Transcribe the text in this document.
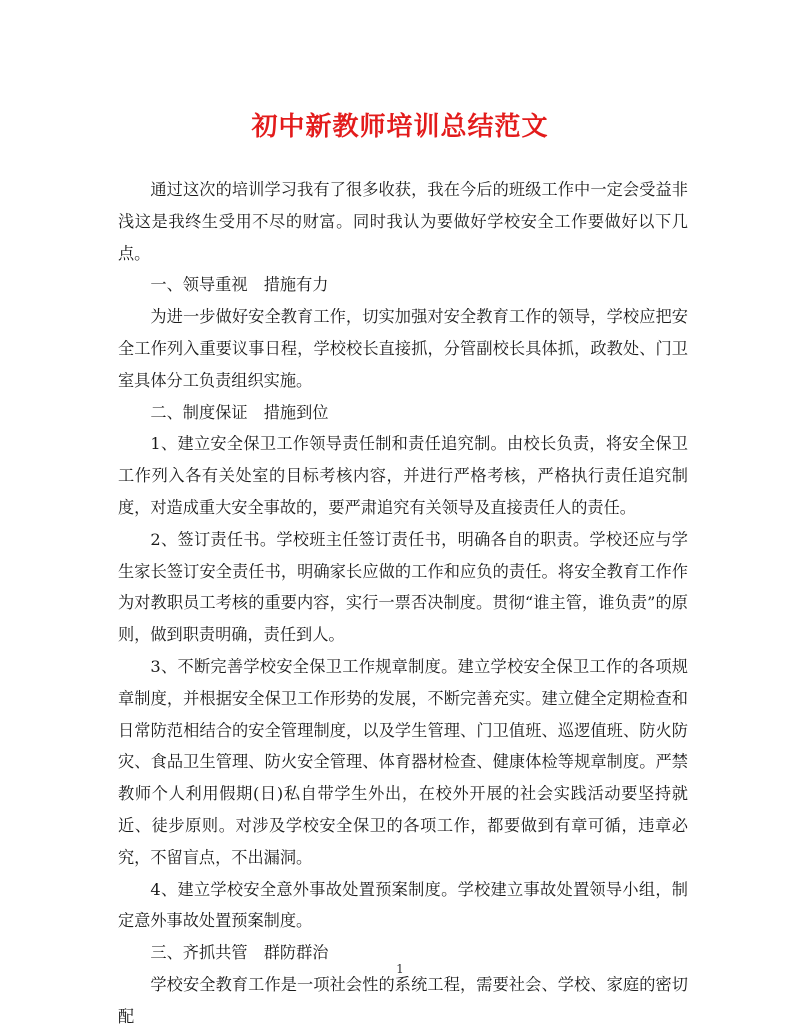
初中新教师培训总结范文

通过这次的培训学习我有了很多收获，我在今后的班级工作中一定会受益非浅这是我终生受用不尽的财富。同时我认为要做好学校安全工作要做好以下几点。

一、领导重视　措施有力

为进一步做好安全教育工作，切实加强对安全教育工作的领导，学校应把安全工作列入重要议事日程，学校校长直接抓，分管副校长具体抓，政教处、门卫室具体分工负责组织实施。

二、制度保证　措施到位

1、建立安全保卫工作领导责任制和责任追究制。由校长负责，将安全保卫工作列入各有关处室的目标考核内容，并进行严格考核，严格执行责任追究制度，对造成重大安全事故的，要严肃追究有关领导及直接责任人的责任。

2、签订责任书。学校班主任签订责任书，明确各自的职责。学校还应与学生家长签订安全责任书，明确家长应做的工作和应负的责任。将安全教育工作作为对教职员工考核的重要内容，实行一票否决制度。贯彻“谁主管，谁负责”的原则，做到职责明确，责任到人。

3、不断完善学校安全保卫工作规章制度。建立学校安全保卫工作的各项规章制度，并根据安全保卫工作形势的发展，不断完善充实。建立健全定期检查和日常防范相结合的安全管理制度，以及学生管理、门卫值班、巡逻值班、防火防灾、食品卫生管理、防火安全管理、体育器材检查、健康体检等规章制度。严禁教师个人利用假期(日)私自带学生外出，在校外开展的社会实践活动要坚持就近、徒步原则。对涉及学校安全保卫的各项工作，都要做到有章可循，违章必究，不留盲点，不出漏洞。

4、建立学校安全意外事故处置预案制度。学校建立事故处置领导小组，制定意外事故处置预案制度。

三、齐抓共管　群防群治

学校安全教育工作是一项社会性的系统工程，需要社会、学校、家庭的密切配

1
